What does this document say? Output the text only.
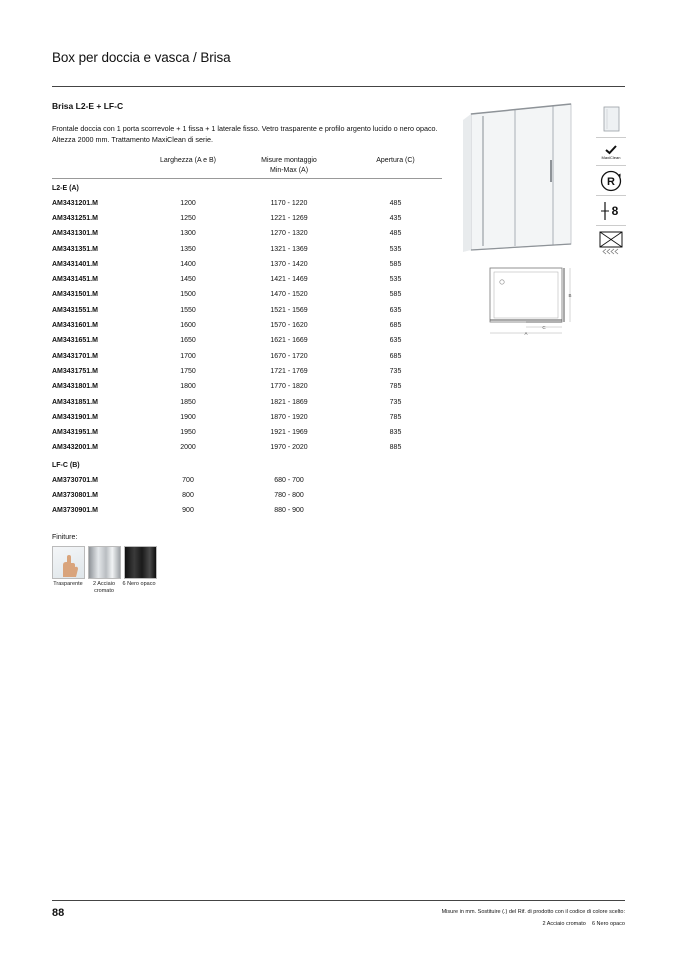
Box per doccia e vasca / Brisa
Brisa L2-E + LF-C
Frontale doccia con 1 porta scorrevole + 1 fissa + 1 laterale fisso. Vetro trasparente e profilo argento lucido o nero opaco. Altezza 2000 mm. Trattamento MaxiClean di serie.
	Larghezza (A e B)	Misure montaggio
Min-Max (A)	Apertura (C)
L2-E (A)			
AM3431201.M	1200	1170 - 1220	485
AM3431251.M	1250	1221 - 1269	435
AM3431301.M	1300	1270 - 1320	485
AM3431351.M	1350	1321 - 1369	535
AM3431401.M	1400	1370 - 1420	585
AM3431451.M	1450	1421 - 1469	535
AM3431501.M	1500	1470 - 1520	585
AM3431551.M	1550	1521 - 1569	635
AM3431601.M	1600	1570 - 1620	685
AM3431651.M	1650	1621 - 1669	635
AM3431701.M	1700	1670 - 1720	685
AM3431751.M	1750	1721 - 1769	735
AM3431801.M	1800	1770 - 1820	785
AM3431851.M	1850	1821 - 1869	735
AM3431901.M	1900	1870 - 1920	785
AM3431951.M	1950	1921 - 1969	835
AM3432001.M	2000	1970 - 2020	885
LF-C (B)			
AM3730701.M	700	680 - 700	
AM3730801.M	800	780 - 800	
AM3730901.M	900	880 - 900	
Finiture:
Trasparente	2 Acciaio cromato
6 Nero opaco
B
C
A
MaxiClean
R
8
88	Misure in mm. Sostituire (.) del Rif. di prodotto con il codice di colore scelto:
2 Acciaio cromato    6 Nero opaco
